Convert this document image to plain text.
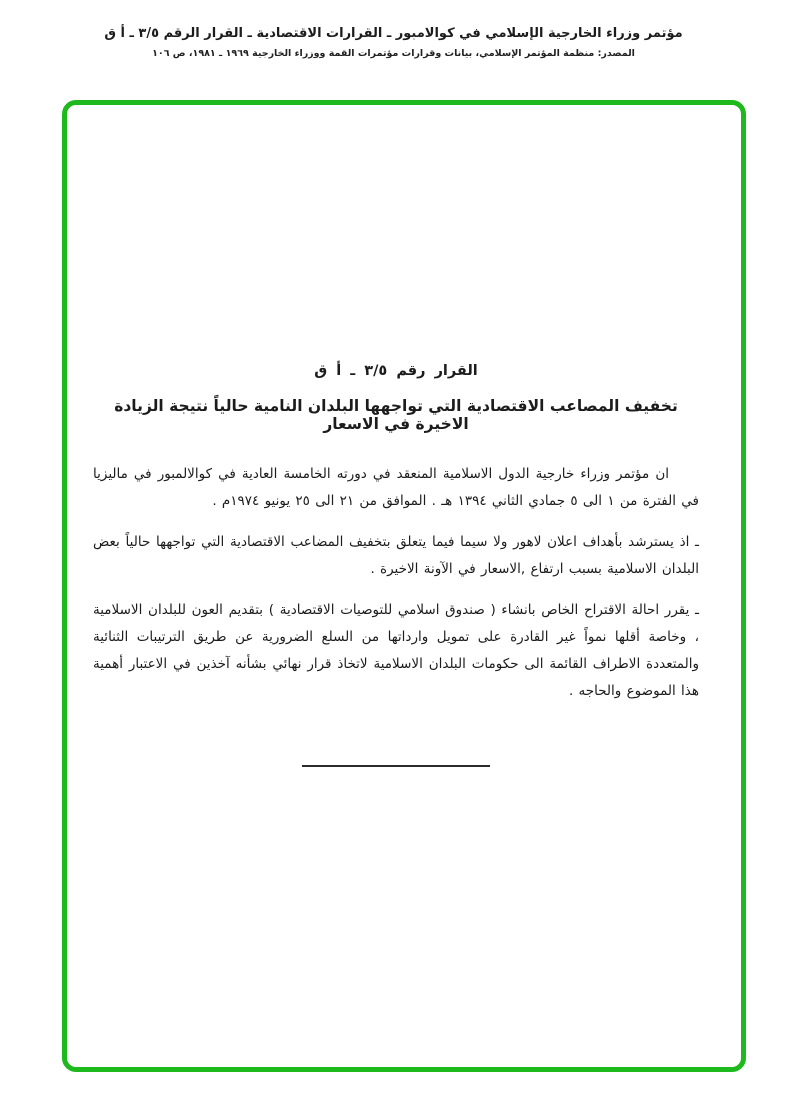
مؤتمر وزراء الخارجية الإسلامي في كوالامبور ـ القرارات الاقتصادية ـ القرار الرقم ٣/٥ ـ أ ق
المصدر: منظمة المؤتمر الإسلامي، بيانات وقرارات مؤتمرات القمة ووزراء الخارجية ١٩٦٩ ـ ١٩٨١، ص ١٠٦
القرار رقم ٣/٥ ـ أ ق
تخفيف المصاعب الاقتصادية التي تواجهها البلدان النامية حالياً نتيجة الزيادة الاخيرة في الاسعار

ان مؤتمر وزراء خارجية الدول الاسلامية المنعقد في دورته الخامسة العادية في كوالالمبور في ماليزيا في الفترة من ١ الى ٥ جمادي الثاني ١٣٩٤ هـ . الموافق من ٢١ الى ٢٥ يونيو ١٩٧٤م .

ـ اذ يسترشد بأهداف اعلان لاهور ولا سيما فيما يتعلق بتخفيف المضاعب الاقتصادية التي تواجهها حالياً بعض البلدان الاسلامية بسبب ارتفاع ,الاسعار في الآونة الاخيرة .

ـ يقرر احالة الاقتراح الخاص بانشاء ( صندوق اسلامي للتوصيات الاقتصادية ) بتقديم العون للبلدان الاسلامية ، وخاصة أقلها نمواً غير القادرة على تمويل وارداتها من السلع الضرورية عن طريق الترتيبات الثنائية والمتعددة الاطراف القائمة الى حكومات البلدان الاسلامية لاتخاذ قرار نهائي بشأنه آخذين في الاعتبار أهمية هذا الموضوع والحاجه .
